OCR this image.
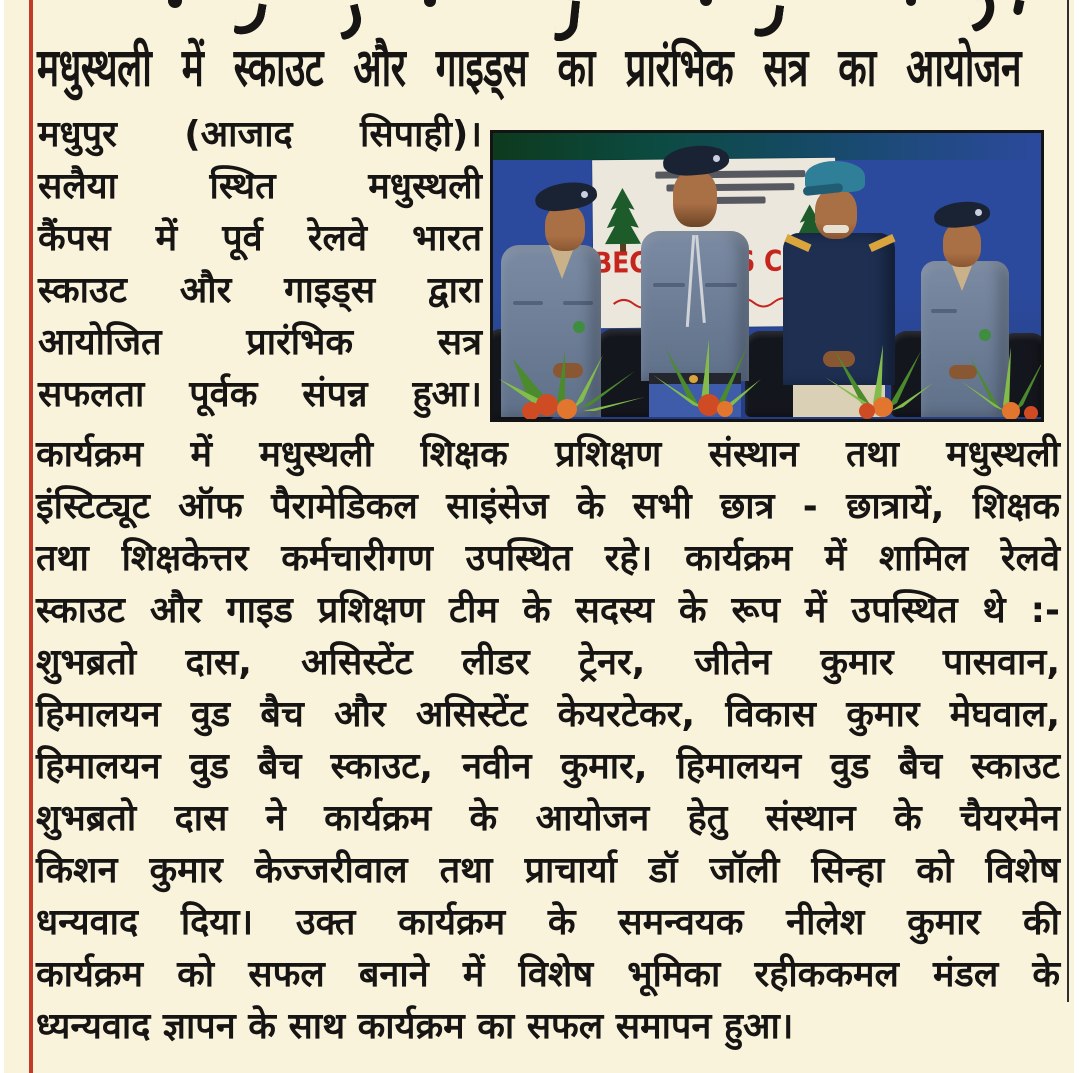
मधुस्थली में स्काउट और गाइड्स का प्रारंभिक सत्र का आयोजन
मधुपुर (आजाद सिपाही)।
सलैया स्थित मधुस्थली
कैंपस में पूर्व रेलवे भारत
स्काउट और गाइड्स द्वारा
आयोजित प्रारंभिक सत्र
सफलता पूर्वक संपन्न हुआ।
कार्यक्रम में मधुस्थली शिक्षक प्रशिक्षण संस्थान तथा मधुस्थली
इंस्टिट्यूट ऑफ पैरामेडिकल साइंसेज के सभी छात्र - छात्रायें, शिक्षक
तथा शिक्षकेत्तर कर्मचारीगण उपस्थित रहे। कार्यक्रम में शामिल रेलवे
स्काउट और गाइड प्रशिक्षण टीम के सदस्य के रूप में उपस्थित थे :-
शुभब्रतो दास, असिस्टेंट लीडर ट्रेनर, जीतेन कुमार पासवान,
हिमालयन वुड बैच और असिस्टेंट केयरटेकर, विकास कुमार मेघवाल,
हिमालयन वुड बैच स्काउट, नवीन कुमार, हिमालयन वुड बैच स्काउट
शुभब्रतो दास ने कार्यक्रम के आयोजन हेतु संस्थान के चैयरमेन
किशन कुमार केज्जरीवाल तथा प्राचार्या डॉ जॉली सिन्हा को विशेष
धन्यवाद दिया। उक्त कार्यक्रम के समन्वयक नीलेश कुमार की
कार्यक्रम को सफल बनाने में विशेष भूमिका रहीककमल मंडल के
ध्यन्यवाद ज्ञापन के साथ कार्यक्रम का सफल समापन हुआ।
